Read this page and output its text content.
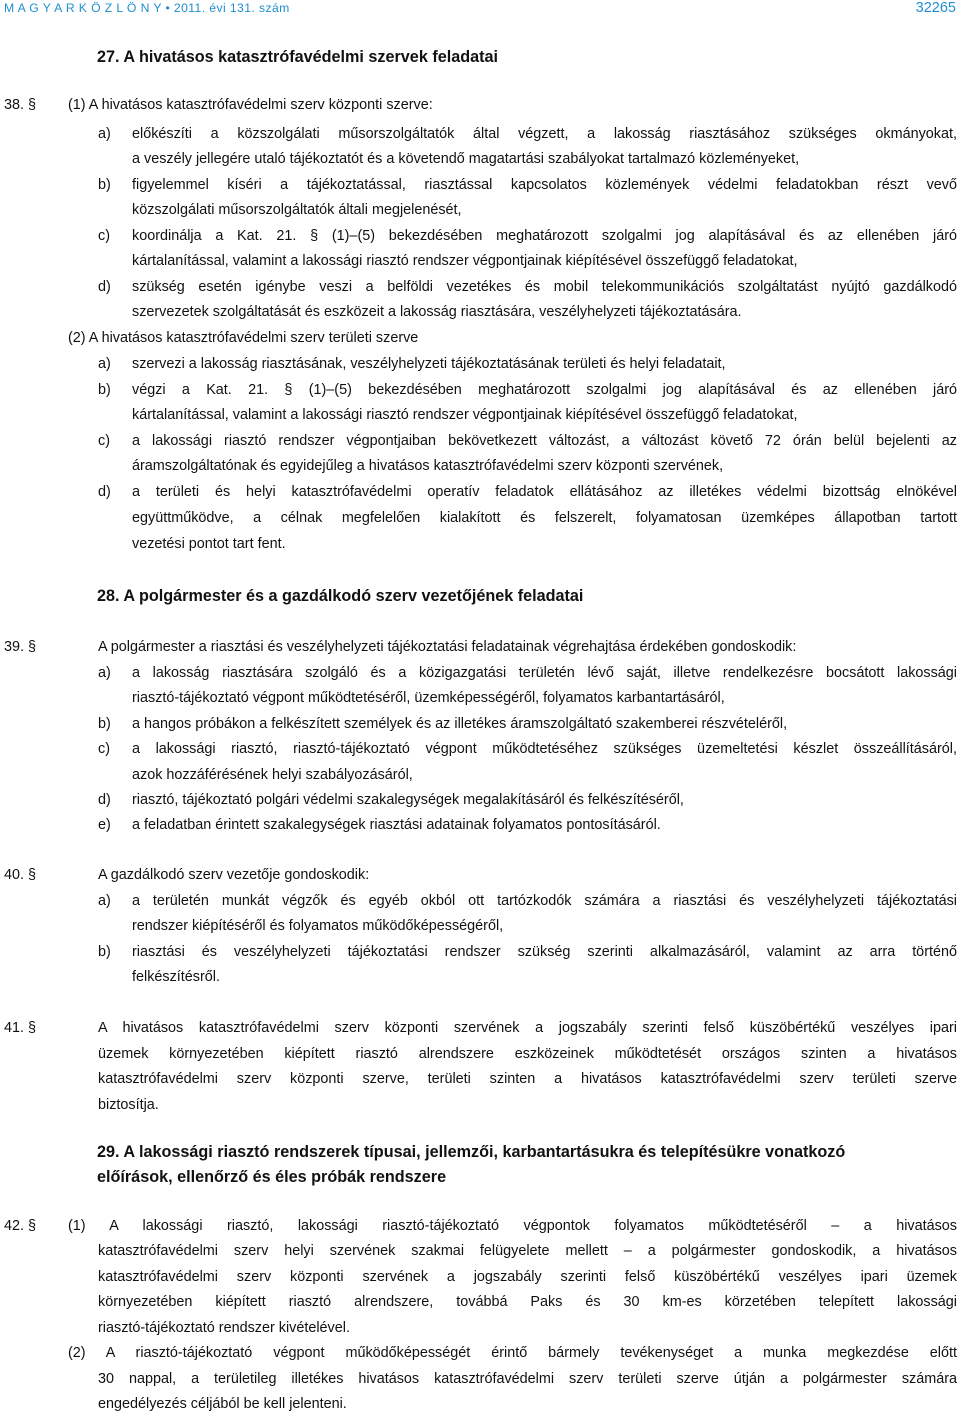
M A G Y A R K Ö Z L Ö N Y • 2011. évi 131. szám	32265
27. A hivatásos katasztrófavédelmi szervek feladatai
38. § (1) A hivatásos katasztrófavédelmi szerv központi szerve:
a) előkészíti a közszolgálati műsorszolgáltatók által végzett, a lakosság riasztásához szükséges okmányokat,
a veszély jellegére utaló tájékoztatót és a követendő magatartási szabályokat tartalmazó közleményeket,
b) figyelemmel kíséri a tájékoztatással, riasztással kapcsolatos közlemények védelmi feladatokban részt vevő
közszolgálati műsorszolgáltatók általi megjelenését,
c) koordinálja a Kat. 21. § (1)–(5) bekezdésében meghatározott szolgalmi jog alapításával és az ellenében járó
kártalanítással, valamint a lakossági riasztó rendszer végpontjainak kiépítésével összefüggő feladatokat,
d) szükség esetén igénybe veszi a belföldi vezetékes és mobil telekommunikációs szolgáltatást nyújtó gazdálkodó
szervezetek szolgáltatását és eszközeit a lakosság riasztására, veszélyhelyzeti tájékoztatására.
(2) A hivatásos katasztrófavédelmi szerv területi szerve
a) szervezi a lakosság riasztásának, veszélyhelyzeti tájékoztatásának területi és helyi feladatait,
b) végzi a Kat. 21. § (1)–(5) bekezdésében meghatározott szolgalmi jog alapításával és az ellenében járó
kártalanítással, valamint a lakossági riasztó rendszer végpontjainak kiépítésével összefüggő feladatokat,
c) a lakossági riasztó rendszer végpontjaiban bekövetkezett változást, a változást követő 72 órán belül bejelenti az
áramszolgáltatónak és egyidejűleg a hivatásos katasztrófavédelmi szerv központi szervének,
d) a területi és helyi katasztrófavédelmi operatív feladatok ellátásához az illetékes védelmi bizottság elnökével
együttműködve, a célnak megfelelően kialakított és felszerelt, folyamatosan üzemképes állapotban tartott
vezetési pontot tart fent.
28. A polgármester és a gazdálkodó szerv vezetőjének feladatai
39. §	A polgármester a riasztási és veszélyhelyzeti tájékoztatási feladatainak végrehajtása érdekében gondoskodik:
a) a lakosság riasztására szolgáló és a közigazgatási területén lévő saját, illetve rendelkezésre bocsátott lakossági
riasztó-tájékoztató végpont működtetéséről, üzemképességéről, folyamatos karbantartásáról,
b) a hangos próbákon a felkészített személyek és az illetékes áramszolgáltató szakemberei részvételéről,
c) a lakossági riasztó, riasztó-tájékoztató végpont működtetéséhez szükséges üzemeltetési készlet összeállításáról,
azok hozzáférésének helyi szabályozásáról,
d) riasztó, tájékoztató polgári védelmi szakalegységek megalakításáról és felkészítéséről,
e) a feladatban érintett szakalegységek riasztási adatainak folyamatos pontosításáról.
40. §	A gazdálkodó szerv vezetője gondoskodik:
a) a területén munkát végzők és egyéb okból ott tartózkodók számára a riasztási és veszélyhelyzeti tájékoztatási
rendszer kiépítéséről és folyamatos működőképességéről,
b) riasztási és veszélyhelyzeti tájékoztatási rendszer szükség szerinti alkalmazásáról, valamint az arra történő
felkészítésről.
41. §	A hivatásos katasztrófavédelmi szerv központi szervének a jogszabály szerinti felső küszöbértékű veszélyes ipari
üzemek környezetében kiépített riasztó alrendszere eszközeinek működtetését országos szinten a hivatásos
katasztrófavédelmi szerv központi szerve, területi szinten a hivatásos katasztrófavédelmi szerv területi szerve
biztosítja.
29. A lakossági riasztó rendszerek típusai, jellemzői, karbantartásukra és telepítésükre vonatkozó
előírások, ellenőrző és éles próbák rendszere
42. § (1) A lakossági riasztó, lakossági riasztó-tájékoztató végpontok folyamatos működtetéséről – a hivatásos
katasztrófavédelmi szerv helyi szervének szakmai felügyelete mellett – a polgármester gondoskodik, a hivatásos
katasztrófavédelmi szerv központi szervének a jogszabály szerinti felső küszöbértékű veszélyes ipari üzemek
környezetében kiépített riasztó alrendszere, továbbá Paks és 30 km-es körzetében telepített lakossági
riasztó-tájékoztató rendszer kivételével.
(2) A riasztó-tájékoztató végpont működőképességét érintő bármely tevékenységet a munka megkezdése előtt
30 nappal, a területileg illetékes hivatásos katasztrófavédelmi szerv területi szerve útján a polgármester számára
engedélyezés céljából be kell jelenteni.
